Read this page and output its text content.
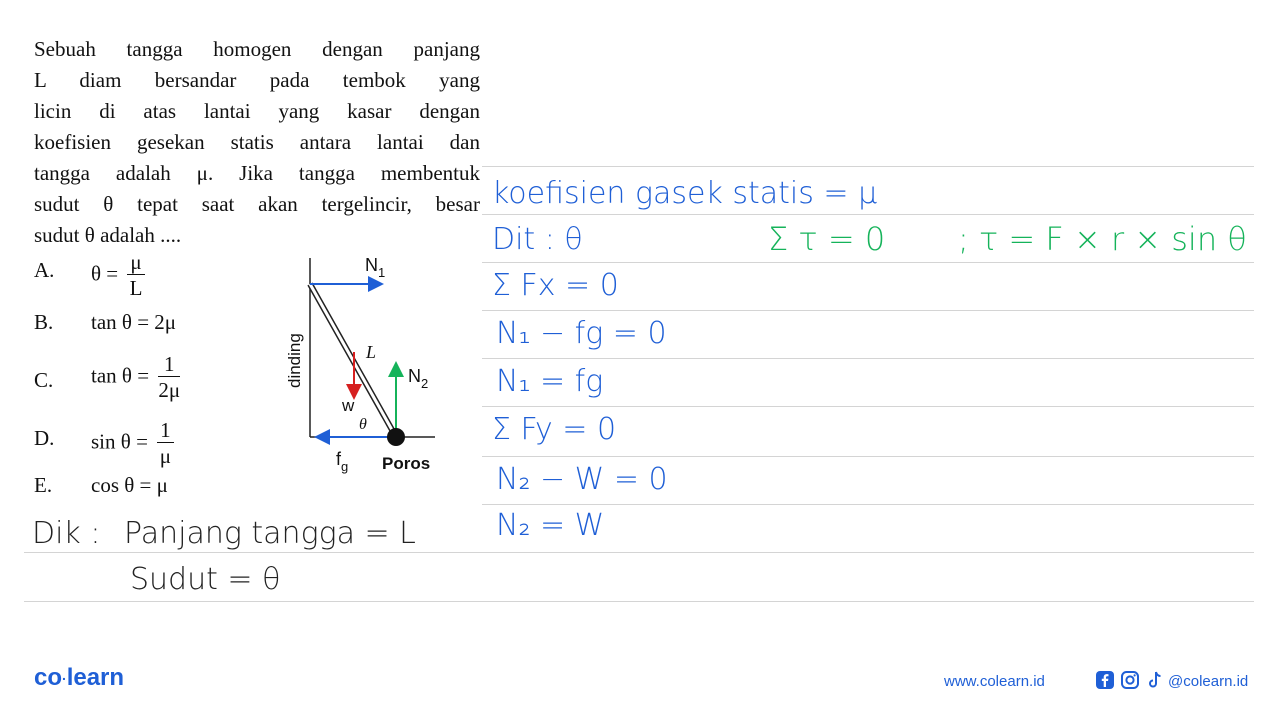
Sebuah tangga homogen dengan panjang
L diam bersandar pada tembok yang
licin di atas lantai yang kasar dengan
koefisien gesekan statis antara lantai dan
tangga adalah μ. Jika tangga membentuk
sudut θ tepat saat akan tergelincir, besar
sudut θ adalah ....
A. $\theta = \frac{\mu}{L}$
B. tan θ = 2μ
C. $\tan \theta = \frac{1}{2\mu}$
D. $\sin \theta = \frac{1}{\mu}$
E. cos θ = μ
$N_1$
$N_2$
dinding	L
w
θ
$f_g$ Poros
koefisien gasek statis = μ
Dit : θ	Σ τ = 0 ; τ = F × r × sin θ
Σ Fx = 0
N₁ − fg = 0
N₁ = fg
Σ Fy = 0
N₂ − W = 0
N₂ = W
Dik : Panjang tangga = L
Sudut = θ
co·learn	www.colearn.id	@colearn.id
